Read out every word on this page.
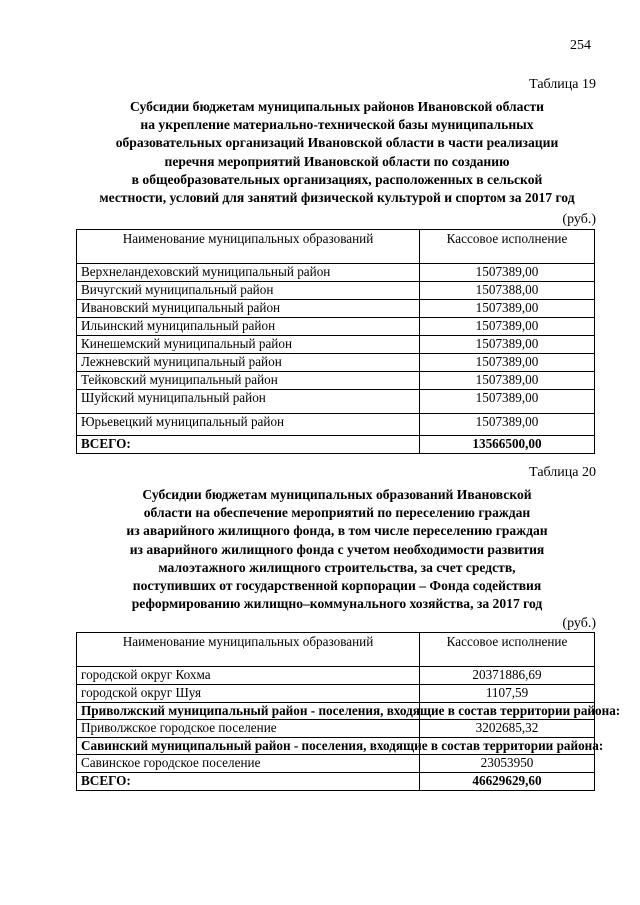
254
Таблица 19
Субсидии бюджетам муниципальных районов Ивановской области
на укрепление материально-технической базы муниципальных
образовательных организаций Ивановской области в части реализации
перечня мероприятий Ивановской области по созданию
в общеобразовательных организациях, расположенных в сельской
местности, условий для занятий физической культурой и спортом за 2017 год
(руб.)
Наименование муниципальных образований	Кассовое исполнение
Верхнеландеховский муниципальный район	1507389,00
Вичугский муниципальный район	1507388,00
Ивановский муниципальный район	1507389,00
Ильинский муниципальный район	1507389,00
Кинешемский муниципальный район	1507389,00
Лежневский муниципальный район	1507389,00
Тейковский муниципальный район	1507389,00
Шуйский муниципальный район	1507389,00
Юрьевецкий муниципальный район	1507389,00
ВСЕГО:	13566500,00
Таблица 20
Субсидии бюджетам муниципальных образований Ивановской
области на обеспечение мероприятий по переселению граждан
из аварийного жилищного фонда, в том числе переселению граждан
из аварийного жилищного фонда с учетом необходимости развития
малоэтажного жилищного строительства, за счет средств,
поступивших от государственной корпорации – Фонда содействия
реформированию жилищно–коммунального хозяйства, за 2017 год
(руб.)
Наименование муниципальных образований	Кассовое исполнение
городской округ Кохма	20371886,69
городской округ Шуя	1107,59
Приволжский муниципальный район - поселения, входящие в состав территории района:	
Приволжское городское поселение	3202685,32
Савинский муниципальный район - поселения, входящие в состав территории района:	
Савинское городское поселение	23053950
ВСЕГО:	46629629,60
